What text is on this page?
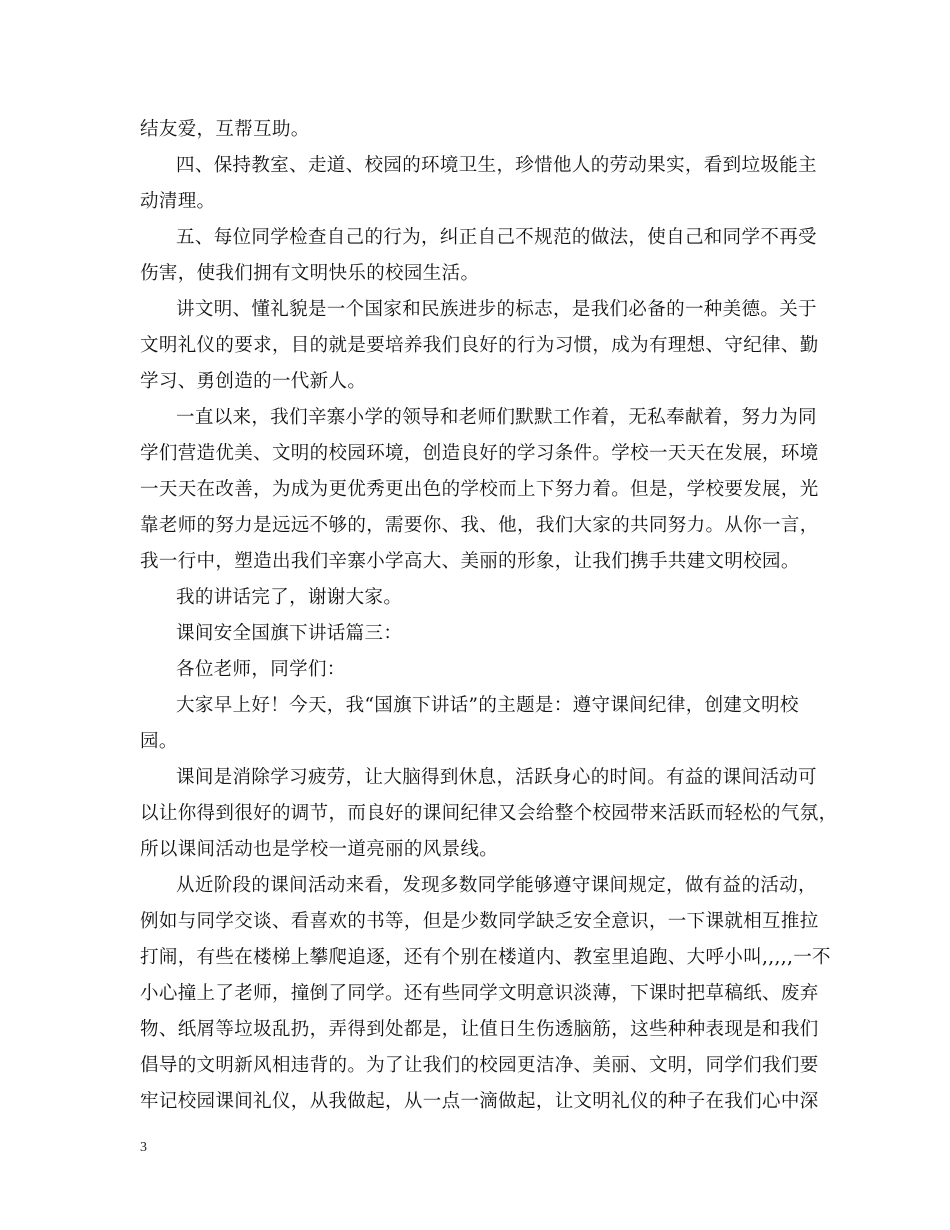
结友爱，互帮互助。
四、保持教室、走道、校园的环境卫生，珍惜他人的劳动果实，看到垃圾能主
动清理。
五、每位同学检查自己的行为，纠正自己不规范的做法，使自己和同学不再受
伤害，使我们拥有文明快乐的校园生活。
讲文明、懂礼貌是一个国家和民族进步的标志，是我们必备的一种美德。关于
文明礼仪的要求，目的就是要培养我们良好的行为习惯，成为有理想、守纪律、勤
学习、勇创造的一代新人。
一直以来，我们辛寨小学的领导和老师们默默工作着，无私奉献着，努力为同
学们营造优美、文明的校园环境，创造良好的学习条件。学校一天天在发展，环境
一天天在改善，为成为更优秀更出色的学校而上下努力着。但是，学校要发展，光
靠老师的努力是远远不够的，需要你、我、他，我们大家的共同努力。从你一言，
我一行中，塑造出我们辛寨小学高大、美丽的形象，让我们携手共建文明校园。
我的讲话完了，谢谢大家。
课间安全国旗下讲话篇三：
各位老师，同学们：
大家早上好！今天，我“国旗下讲话”的主题是：遵守课间纪律，创建文明校
园。
课间是消除学习疲劳，让大脑得到休息，活跃身心的时间。有益的课间活动可
以让你得到很好的调节，而良好的课间纪律又会给整个校园带来活跃而轻松的气氛，
所以课间活动也是学校一道亮丽的风景线。
从近阶段的课间活动来看，发现多数同学能够遵守课间规定，做有益的活动，
例如与同学交谈、看喜欢的书等，但是少数同学缺乏安全意识，一下课就相互推拉
打闹，有些在楼梯上攀爬追逐，还有个别在楼道内、教室里追跑、大呼小叫,,,,,一不
小心撞上了老师，撞倒了同学。还有些同学文明意识淡薄，下课时把草稿纸、废弃
物、纸屑等垃圾乱扔，弄得到处都是，让值日生伤透脑筋，这些种种表现是和我们
倡导的文明新风相违背的。为了让我们的校园更洁净、美丽、文明，同学们我们要
牢记校园课间礼仪，从我做起，从一点一滴做起，让文明礼仪的种子在我们心中深
3
